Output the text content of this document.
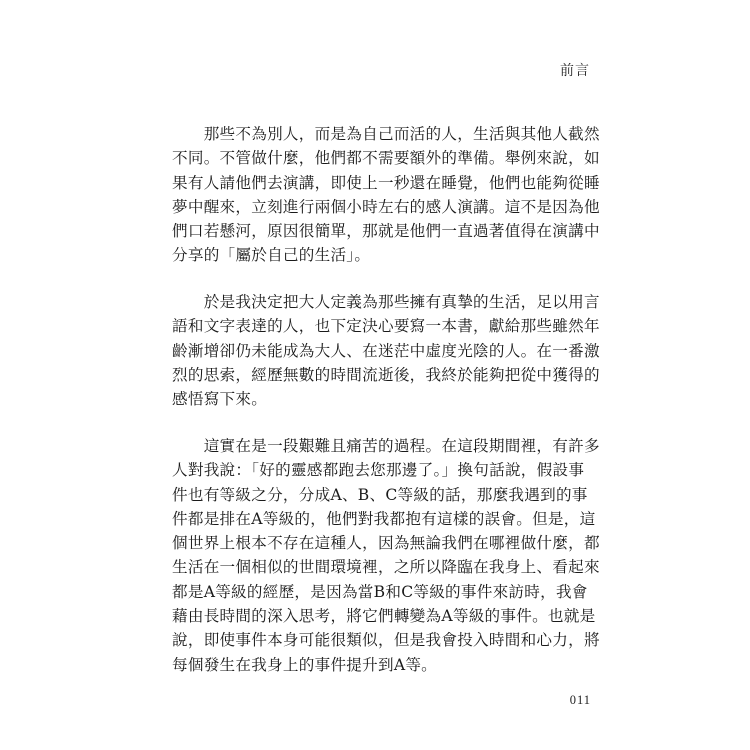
前言
　　那些不為別人，而是為自己而活的人，生活與其他人截然
不同。不管做什麼，他們都不需要額外的準備。舉例來說，如
果有人請他們去演講，即使上一秒還在睡覺，他們也能夠從睡
夢中醒來，立刻進行兩個小時左右的感人演講。這不是因為他
們口若懸河，原因很簡單，那就是他們一直過著值得在演講中
分享的「屬於自己的生活」。
　　於是我決定把大人定義為那些擁有真摯的生活，足以用言
語和文字表達的人，也下定決心要寫一本書，獻給那些雖然年
齡漸增卻仍未能成為大人、在迷茫中虛度光陰的人。在一番激
烈的思索，經歷無數的時間流逝後，我終於能夠把從中獲得的
感悟寫下來。
　　這實在是一段艱難且痛苦的過程。在這段期間裡，有許多
人對我說：「好的靈感都跑去您那邊了。」換句話說，假設事
件也有等級之分，分成A、B、C等級的話，那麼我遇到的事
件都是排在A等級的，他們對我都抱有這樣的誤會。但是，這
個世界上根本不存在這種人，因為無論我們在哪裡做什麼，都
生活在一個相似的世間環境裡，之所以降臨在我身上、看起來
都是A等級的經歷，是因為當B和C等級的事件來訪時，我會
藉由長時間的深入思考，將它們轉變為A等級的事件。也就是
說，即使事件本身可能很類似，但是我會投入時間和心力，將
每個發生在我身上的事件提升到A等。
011
